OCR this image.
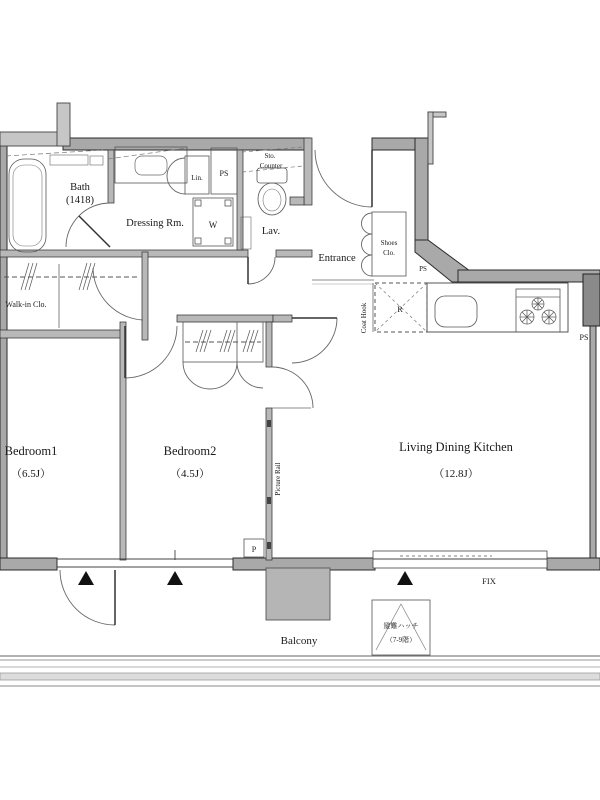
Bath
(1418)
Dressing Rm.
Lav.
Entrance
Walk-in Clo.
Bedroom1
（6.5J）
Bedroom2
（4.5J）
Living Dining Kitchen
（12.8J）
Balcony
Lin. PS
W
Sto.
Counter
Shoes
Clo.
PS
PS
R
Coat Hook
Picture Rail
P
FIX
避難ハッチ
（7-9階）
